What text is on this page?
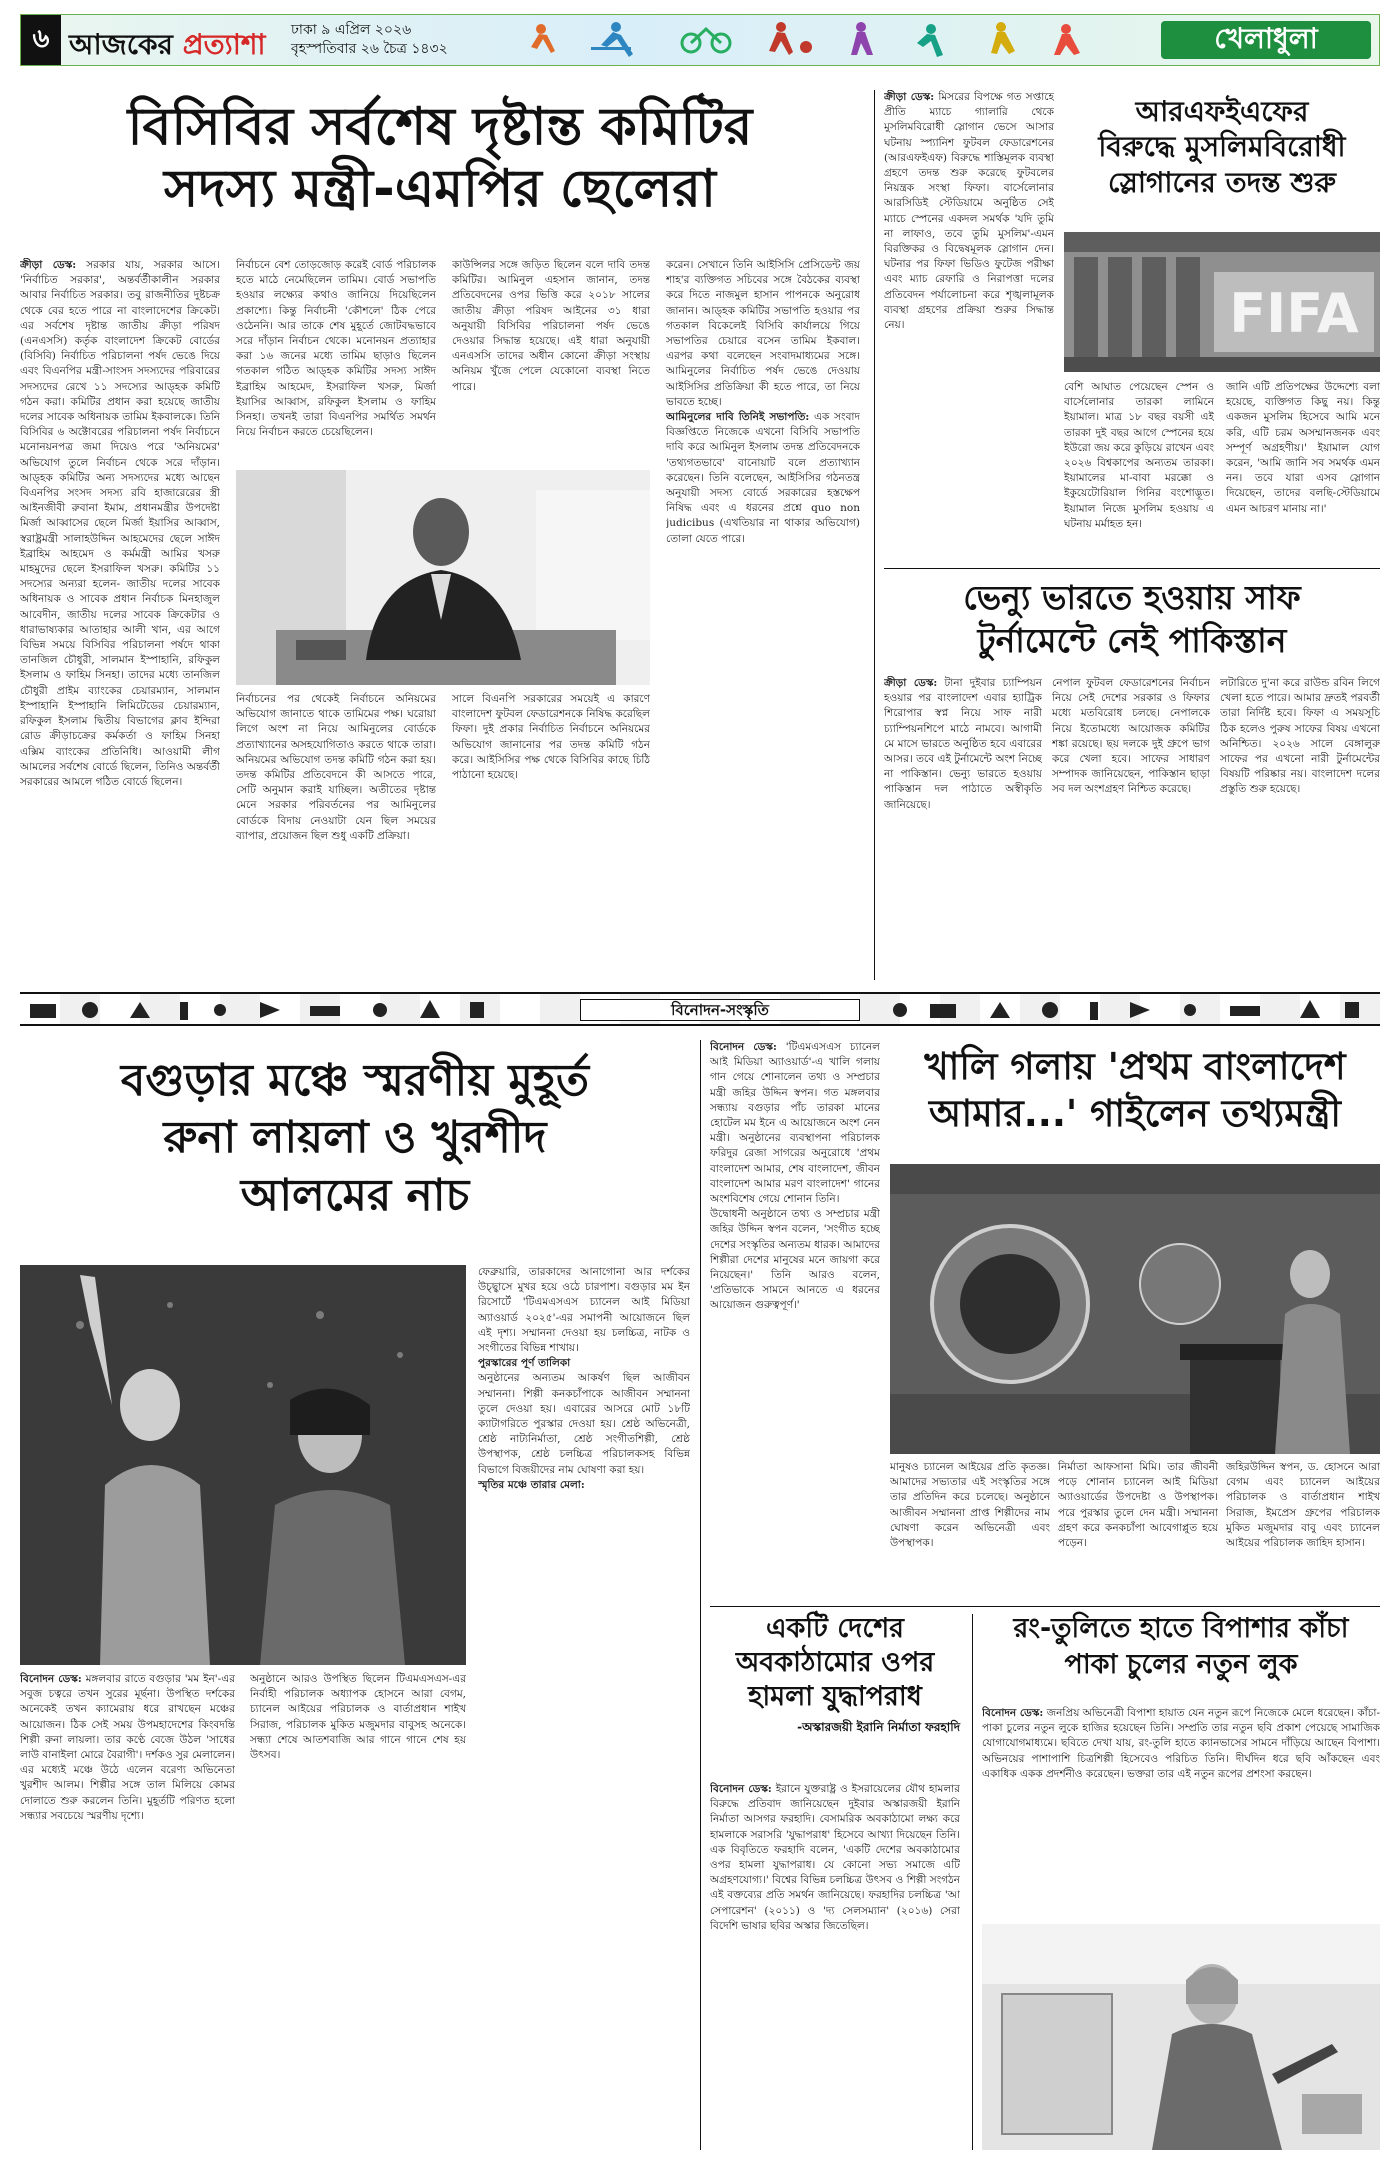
৬ আজকের প্রত্যাশা ঢাকা ৯ এপ্রিল ২০২৬
বৃহস্পতিবার ২৬ চৈত্র ১৪৩২	খেলাধুলা
বিসিবির সর্বশেষ দৃষ্টান্ত কমিটির
সদস্য মন্ত্রী-এমপির ছেলেরা
ক্রীড়া ডেস্ক: সরকার যায়, সরকার আসে। 'নির্বাচিত সরকার', অন্তর্বর্তীকালীন সরকার আবার নির্বাচিত সরকার। তবু রাজনীতির দুষ্টচক্র থেকে বের হতে পারে না বাংলাদেশের ক্রিকেট। এর সর্বশেষ দৃষ্টান্ত জাতীয় ক্রীড়া পরিষদ (এনএসসি) কর্তৃক বাংলাদেশ ক্রিকেট বোর্ডের (বিসিবি) নির্বাচিত পরিচালনা পর্ষদ ভেঙে দিয়ে এবং বিএনপির মন্ত্রী-সাংসদ সদস্যদের পরিবারের সদস্যদের রেখে ১১ সদস্যের আড্হক কমিটি গঠন করা। কমিটির প্রধান করা হয়েছে জাতীয় দলের সাবেক অধিনায়ক তামিম ইকবালকে। তিনি বিসিবির ৬ অক্টোবরের পরিচালনা পর্ষদ নির্বাচনে মনোনয়নপত্র জমা দিয়েও পরে 'অনিয়মের' অভিযোগ তুলে নির্বাচন থেকে সরে দাঁড়ান। আড্হক কমিটির অন্য সদস্যদের মধ্যে আছেন বিএনপির সংসদ সদস্য রবি হাজারেরের স্ত্রী আইনজীবী রুবানা ইমাম, প্রধানমন্ত্রীর উপদেষ্টা মির্জা আব্বাসের ছেলে মির্জা ইয়াসির আব্বাস, স্বরাষ্ট্রমন্ত্রী সালাহউদ্দিন আহমেদের ছেলে সাঈদ ইব্রাহিম আহমেদ ও কর্মমন্ত্রী আমির খসরু মাহমুদের ছেলে ইসরাফিল খসরু। কমিটির ১১ সদস্যের অন্যরা হলেন- জাতীয় দলের সাবেক অধিনায়ক ও সাবেক প্রধান নির্বাচক মিনহাজুল আবেদীন, জাতীয় দলের সাবেক ক্রিকেটার ও ধারাভাষ্যকার আতাহার আলী খান, এর আগে বিভিন্ন সময়ে বিসিবির পরিচালনা পর্ষদে থাকা তানজিল চৌধুরী, সালমান ইস্পাহানি, রফিকুল ইসলাম ও ফাহিম সিনহা। তাদের মধ্যে তানজিল চৌধুরী প্রাইম ব্যাংকের চেয়ারম্যান, সালমান ইস্পাহানি ইস্পাহানি লিমিটেডের চেয়ারম্যান, রফিকুল ইসলাম দ্বিতীয় বিভাগের ক্লাব ইন্দিরা রোড ক্রীড়াচক্রের কর্মকর্তা ও ফাহিম সিনহা এক্সিম ব্যাংকের প্রতিনিধি। আওয়ামী লীগ আমলের সর্বশেষ বোর্ডে ছিলেন, তিনিও অন্তর্বর্তী সরকারের আমলে গঠিত বোর্ডে ছিলেন।
নির্বাচনে বেশ তোড়জোড় করেই বোর্ড পরিচালক হতে মাঠে নেমেছিলেন তামিম। বোর্ড সভাপতি হওয়ার লক্ষ্যের কথাও জানিয়ে দিয়েছিলেন প্রকাশ্যে। কিন্তু নির্বাচনী 'কৌশলে' ঠিক পেরে ওঠেননি। আর তাকে শেষ মুহূর্তে জোটবদ্ধভাবে সরে দাঁড়ান নির্বাচন থেকে। মনোনয়ন প্রত্যাহার করা ১৬ জনের মধ্যে তামিম ছাড়াও ছিলেন গতকাল গঠিত আড্হক কমিটির সদস্য সাঈদ ইব্রাহিম আহমেদ, ইসরাফিল খসরু, মির্জা ইয়াসির আব্বাস, রফিকুল ইসলাম ও ফাহিম সিনহা। তখনই তারা বিএনপির সমর্থিত সমর্থন নিয়ে নির্বাচন করতে চেয়েছিলেন।
কাউন্সিলর সঙ্গে জড়িত ছিলেন বলে দাবি তদন্ত কমিটির। আমিনুল এহসান জানান, তদন্ত প্রতিবেদনের ওপর ভিত্তি করে ২০১৮ সালের জাতীয় ক্রীড়া পরিষদ আইনের ৩১ ধারা অনুযায়ী বিসিবির পরিচালনা পর্ষদ ভেঙে দেওয়ার সিদ্ধান্ত হয়েছে। এই ধারা অনুযায়ী এনএসসি তাদের অধীন কোনো ক্রীড়া সংস্থায় অনিয়ম খুঁজে পেলে যেকোনো ব্যবস্থা নিতে পারে।
করেন। সেখানে তিনি আইসিসি প্রেসিডেন্ট জয় শাহ'র ব্যক্তিগত সচিবের সঙ্গে বৈঠকের ব্যবস্থা করে দিতে নাজমুল হাসান পাপনকে অনুরোধ জানান। আড্হক কমিটির সভাপতি হওয়ার পর গতকাল বিকেলেই বিসিবি কার্যালয়ে গিয়ে সভাপতির চেয়ারে বসেন তামিম ইকবাল। এরপর কথা বলেছেন সংবাদমাধ্যমের সঙ্গে। আমিনুলের নির্বাচিত পর্ষদ ভেঙে দেওয়ায় আইসিসির প্রতিক্রিয়া কী হতে পারে, তা নিয়ে ভাবতে হচ্ছে।
আমিনুলের দাবি তিনিই সভাপতি: এক সংবাদ বিজ্ঞপ্তিতে নিজেকে এখনো বিসিবি সভাপতি দাবি করে আমিনুল ইসলাম তদন্ত প্রতিবেদনকে 'তথ্যগতভাবে' বানোয়াট বলে প্রত্যাখ্যান করেছেন। তিনি বলেছেন, আইসিসির গঠনতন্ত্র অনুযায়ী সদস্য বোর্ডে সরকারের হস্তক্ষেপ নিষিদ্ধ এবং এ ধরনের প্রশ্নে quo non judicibus (এখতিয়ার না থাকার অভিযোগ) তোলা যেতে পারে।
নির্বাচনের পর থেকেই নির্বাচনে অনিয়মের অভিযোগ জানাতে থাকে তামিমের পক্ষ। ঘরোয়া লিগে অংশ না নিয়ে আমিনুলের বোর্ডকে প্রত্যাখ্যানের অসহযোগিতাও করতে থাকে তারা। অনিয়মের অভিযোগ তদন্ত কমিটি গঠন করা হয়। তদন্ত কমিটির প্রতিবেদনে কী আসতে পারে, সেটি অনুমান করাই যাচ্ছিল। অতীতের দৃষ্টান্ত মেনে সরকার পরিবর্তনের পর আমিনুলের বোর্ডকে বিদায় নেওয়াটা যেন ছিল সময়ের ব্যাপার, প্রয়োজন ছিল শুধু একটি প্রক্রিয়া।
সালে বিএনপি সরকারের সময়েই এ কারণে বাংলাদেশ ফুটবল ফেডারেশনকে নিষিদ্ধ করেছিল ফিফা। দুই প্রকার নির্বাচিত নির্বাচনে অনিয়মের অভিযোগ জানানোর পর তদন্ত কমিটি গঠন করে। আইসিসির পক্ষ থেকে বিসিবির কাছে চিঠি পাঠানো হয়েছে।
ক্রীড়া ডেস্ক: মিসরের বিপক্ষে গত সপ্তাহে প্রীতি ম্যাচে গ্যালারি থেকে মুসলিমবিরোধী স্লোগান ভেসে আসার ঘটনায় স্প্যানিশ ফুটবল ফেডারেশনের (আরএফইএফ) বিরুদ্ধে শাস্তিমূলক ব্যবস্থা গ্রহণে তদন্ত শুরু করেছে ফুটবলের নিয়ন্ত্রক সংস্থা ফিফা। বার্সেলোনার আরসিডিই স্টেডিয়ামে অনুষ্ঠিত সেই ম্যাচে স্পেনের একদল সমর্থক 'যদি তুমি না লাফাও, তবে তুমি মুসলিম'-এমন বিরক্তিকর ও বিদ্বেষমূলক স্লোগান দেন। ঘটনার পর ফিফা ভিডিও ফুটেজ পরীক্ষা এবং ম্যাচ রেফারি ও নিরাপত্তা দলের প্রতিবেদন পর্যালোচনা করে শৃঙ্খলামূলক ব্যবস্থা গ্রহণের প্রক্রিয়া শুরুর সিদ্ধান্ত নেয়।
আরএফইএফের
বিরুদ্ধে মুসলিমবিরোধী
স্লোগানের তদন্ত শুরু
FIFA
বেশি আঘাত পেয়েছেন স্পেন ও বার্সেলোনার তারকা লামিনে ইয়ামাল। মাত্র ১৮ বছর বয়সী এই তারকা দুই বছর আগে স্পেনের হয়ে ইউরো জয় করে কুড়িয়ে রাখেন এবং ২০২৬ বিশ্বকাপের অন্যতম তারকা। ইয়ামালের মা-বাবা মরক্কো ও ইকুয়েটোরিয়াল গিনির বংশোদ্ভূত। ইয়ামাল নিজে মুসলিম হওয়ায় এ ঘটনায় মর্মাহত হন।
জানি এটি প্রতিপক্ষের উদ্দেশ্যে বলা হয়েছে, ব্যক্তিগত কিছু নয়। কিন্তু একজন মুসলিম হিসেবে আমি মনে করি, এটি চরম অসম্মানজনক এবং সম্পূর্ণ অগ্রহণীয়।' ইয়ামাল যোগ করেন, 'আমি জানি সব সমর্থক এমন নন। তবে যারা এসব স্লোগান দিয়েছেন, তাদের বলছি-স্টেডিয়ামে এমন আচরণ মানায় না।'
ভেন্যু ভারতে হওয়ায় সাফ
টুর্নামেন্টে নেই পাকিস্তান
ক্রীড়া ডেস্ক: টানা দুইবার চ্যাম্পিয়ন হওয়ার পর বাংলাদেশ এবার হ্যাট্রিক শিরোপার স্বপ্ন নিয়ে সাফ নারী চ্যাম্পিয়নশিপে মাঠে নামবে। আগামী মে মাসে ভারতে অনুষ্ঠিত হবে এবারের আসর। তবে এই টুর্নামেন্টে অংশ নিচ্ছে না পাকিস্তান। ভেন্যু ভারতে হওয়ায় পাকিস্তান দল পাঠাতে অস্বীকৃতি জানিয়েছে।
নেপাল ফুটবল ফেডারেশনের নির্বাচন নিয়ে সেই দেশের সরকার ও ফিফার মধ্যে মতবিরোধ চলছে। নেপালকে নিয়ে ইতোমধ্যে আয়োজক কমিটির শঙ্কা রয়েছে। ছয় দলকে দুই গ্রুপে ভাগ করে খেলা হবে। সাফের সাধারণ সম্পাদক জানিয়েছেন, পাকিস্তান ছাড়া সব দল অংশগ্রহণ নিশ্চিত করেছে।
লটারিতে দু'না করে রাউন্ড রবিন লিগে খেলা হতে পারে। আমার দ্রুতই পরবর্তী তারা নির্দিষ্ট হবে। ফিফা এ সময়সূচি ঠিক হলেও পুরুষ সাফের বিষয় এখনো অনিশ্চিত। ২০২৬ সালে বেঙ্গালুরু সাফের পর এখনো নারী টুর্নামেন্টের বিষয়টি পরিষ্কার নয়। বাংলাদেশ দলের প্রস্তুতি শুরু হয়েছে।
বিনোদন-সংস্কৃতি
বগুড়ার মঞ্চে স্মরণীয় মুহূর্ত
রুনা লায়লা ও খুরশীদ
আলমের নাচ
বিনোদন ডেস্ক: মঙ্গলবার রাতে বগুড়ার 'মম ইন'-এর সবুজ চত্বরে তখন সুরের মূর্ছনা। উপস্থিত দর্শকের অনেকেই তখন ক্যামেরায় ধরে রাখছেন মঞ্চের আয়োজন। ঠিক সেই সময় উপমহাদেশের কিংবদন্তি শিল্পী রুনা লায়লা। তার কণ্ঠে বেজে উঠল 'সাধের লাউ বানাইলা মোরে বৈরাগী'। দর্শকও সুর মেলালেন। এর মধ্যেই মঞ্চে উঠে এলেন বরেণ্য অভিনেতা খুরশীদ আলম। শিল্পীর সঙ্গে তাল মিলিয়ে কোমর দোলাতে শুরু করলেন তিনি। মুহূর্তটি পরিণত হলো সন্ধ্যার সবচেয়ে স্মরণীয় দৃশ্যে।
অনুষ্ঠানে আরও উপস্থিত ছিলেন টিএমএসএস-এর নির্বাহী পরিচালক অধ্যাপক হোসনে আরা বেগম, চ্যানেল আইয়ের পরিচালক ও বার্তাপ্রধান শাইখ সিরাজ, পরিচালক মুকিত মজুমদার বাবুসহ অনেকে। সন্ধ্যা শেষে আতশবাজি আর গানে গানে শেষ হয় উৎসব।
ফেব্রুয়ারি, তারকাদের আনাগোনা আর দর্শকের উচ্ছ্বাসে মুখর হয়ে ওঠে চারপাশ। বগুড়ার মম ইন রিসোর্টে 'টিএমএসএস চ্যানেল আই মিডিয়া অ্যাওয়ার্ড ২০২৫'-এর সমাপনী আয়োজনে ছিল এই দৃশ্য। সম্মাননা দেওয়া হয় চলচ্চিত্র, নাটক ও সংগীতের বিভিন্ন শাখায়।
পুরস্কারের পূর্ণ তালিকা
অনুষ্ঠানের অন্যতম আকর্ষণ ছিল আজীবন সম্মাননা। শিল্পী কনকচাঁপাকে আজীবন সম্মাননা তুলে দেওয়া হয়। এবারের আসরে মোট ১৮টি ক্যাটাগরিতে পুরস্কার দেওয়া হয়। শ্রেষ্ঠ অভিনেত্রী, শ্রেষ্ঠ নাট্যনির্মাতা, শ্রেষ্ঠ সংগীতশিল্পী, শ্রেষ্ঠ উপস্থাপক, শ্রেষ্ঠ চলচ্চিত্র পরিচালকসহ বিভিন্ন বিভাগে বিজয়ীদের নাম ঘোষণা করা হয়।
স্মৃতির মঞ্চে তারার মেলা:
বিনোদন ডেস্ক: 'টিএমএসএস চ্যানেল আই মিডিয়া অ্যাওয়ার্ড'-এ খালি গলায় গান গেয়ে শোনালেন তথ্য ও সম্প্রচার মন্ত্রী জহির উদ্দিন স্বপন। গত মঙ্গলবার সন্ধ্যায় বগুড়ার পাঁচ তারকা মানের হোটেল মম ইনে এ আয়োজনে অংশ নেন মন্ত্রী। অনুষ্ঠানের ব্যবস্থাপনা পরিচালক ফরিদুর রেজা সাগরের অনুরোধে 'প্রথম বাংলাদেশ আমার, শেষ বাংলাদেশ, জীবন বাংলাদেশ আমার মরণ বাংলাদেশ' গানের অংশবিশেষ গেয়ে শোনান তিনি।
উদ্বোধনী অনুষ্ঠানে তথ্য ও সম্প্রচার মন্ত্রী জহির উদ্দিন স্বপন বলেন, 'সংগীত হচ্ছে দেশের সংস্কৃতির অন্যতম ধারক। আমাদের শিল্পীরা দেশের মানুষের মনে জায়গা করে নিয়েছেন।' তিনি আরও বলেন, 'প্রতিভাকে সামনে আনতে এ ধরনের আয়োজন গুরুত্বপূর্ণ।'
খালি গলায় 'প্রথম বাংলাদেশ
আমার...' গাইলেন তথ্যমন্ত্রী
মানুষও চ্যানেল আইয়ের প্রতি কৃতজ্ঞ। আমাদের সভ্যতার এই সংস্কৃতির সঙ্গে তার প্রতিদিন করে চলেছে। অনুষ্ঠানে আজীবন সম্মাননা প্রাপ্ত শিল্পীদের নাম ঘোষণা করেন অভিনেত্রী এবং উপস্থাপক।
নির্মাতা আফসানা মিমি। তার জীবনী পড়ে শোনান চ্যানেল আই মিডিয়া অ্যাওয়ার্ডের উপদেষ্টা ও উপস্থাপক। পরে পুরস্কার তুলে দেন মন্ত্রী। সম্মাননা গ্রহণ করে কনকচাঁপা আবেগাপ্লুত হয়ে পড়েন।
জহিরউদ্দিন স্বপন, ড. হোসনে আরা বেগম এবং চ্যানেল আইয়ের পরিচালক ও বার্তাপ্রধান শাইখ সিরাজ, ইমপ্রেস গ্রুপের পরিচালক মুকিত মজুমদার বাবু এবং চ্যানেল আইয়ের পরিচালক জাহিদ হাসান।
একটি দেশের
অবকাঠামোর ওপর
হামলা যুদ্ধাপরাধ
-অস্কারজয়ী ইরানি নির্মাতা ফরহাদি
বিনোদন ডেস্ক: ইরানে যুক্তরাষ্ট্র ও ইসরায়েলের যৌথ হামলার বিরুদ্ধে প্রতিবাদ জানিয়েছেন দুইবার অস্কারজয়ী ইরানি নির্মাতা আসগর ফরহাদি। বেসামরিক অবকাঠামো লক্ষ্য করে হামলাকে সরাসরি 'যুদ্ধাপরাধ' হিসেবে আখ্যা দিয়েছেন তিনি। এক বিবৃতিতে ফরহাদি বলেন, 'একটি দেশের অবকাঠামোর ওপর হামলা যুদ্ধাপরাধ। যে কোনো সভ্য সমাজে এটি অগ্রহণযোগ্য।' বিশ্বের বিভিন্ন চলচ্চিত্র উৎসব ও শিল্পী সংগঠন এই বক্তব্যের প্রতি সমর্থন জানিয়েছে। ফরহাদির চলচ্চিত্র 'আ সেপারেশন' (২০১১) ও 'দ্য সেলসম্যান' (২০১৬) সেরা বিদেশি ভাষার ছবির অস্কার জিতেছিল।
রং-তুলিতে হাতে বিপাশার কাঁচা
পাকা চুলের নতুন লুক
বিনোদন ডেস্ক: জনপ্রিয় অভিনেত্রী বিপাশা হায়াত যেন নতুন রূপে নিজেকে মেলে ধরেছেন। কাঁচা-পাকা চুলের নতুন লুকে হাজির হয়েছেন তিনি। সম্প্রতি তার নতুন ছবি প্রকাশ পেয়েছে সামাজিক যোগাযোগমাধ্যমে। ছবিতে দেখা যায়, রং-তুলি হাতে ক্যানভাসের সামনে দাঁড়িয়ে আছেন বিপাশা। অভিনয়ের পাশাপাশি চিত্রশিল্পী হিসেবেও পরিচিত তিনি। দীর্ঘদিন ধরে ছবি আঁকছেন এবং একাধিক একক প্রদর্শনীও করেছেন। ভক্তরা তার এই নতুন রূপের প্রশংসা করছেন।
